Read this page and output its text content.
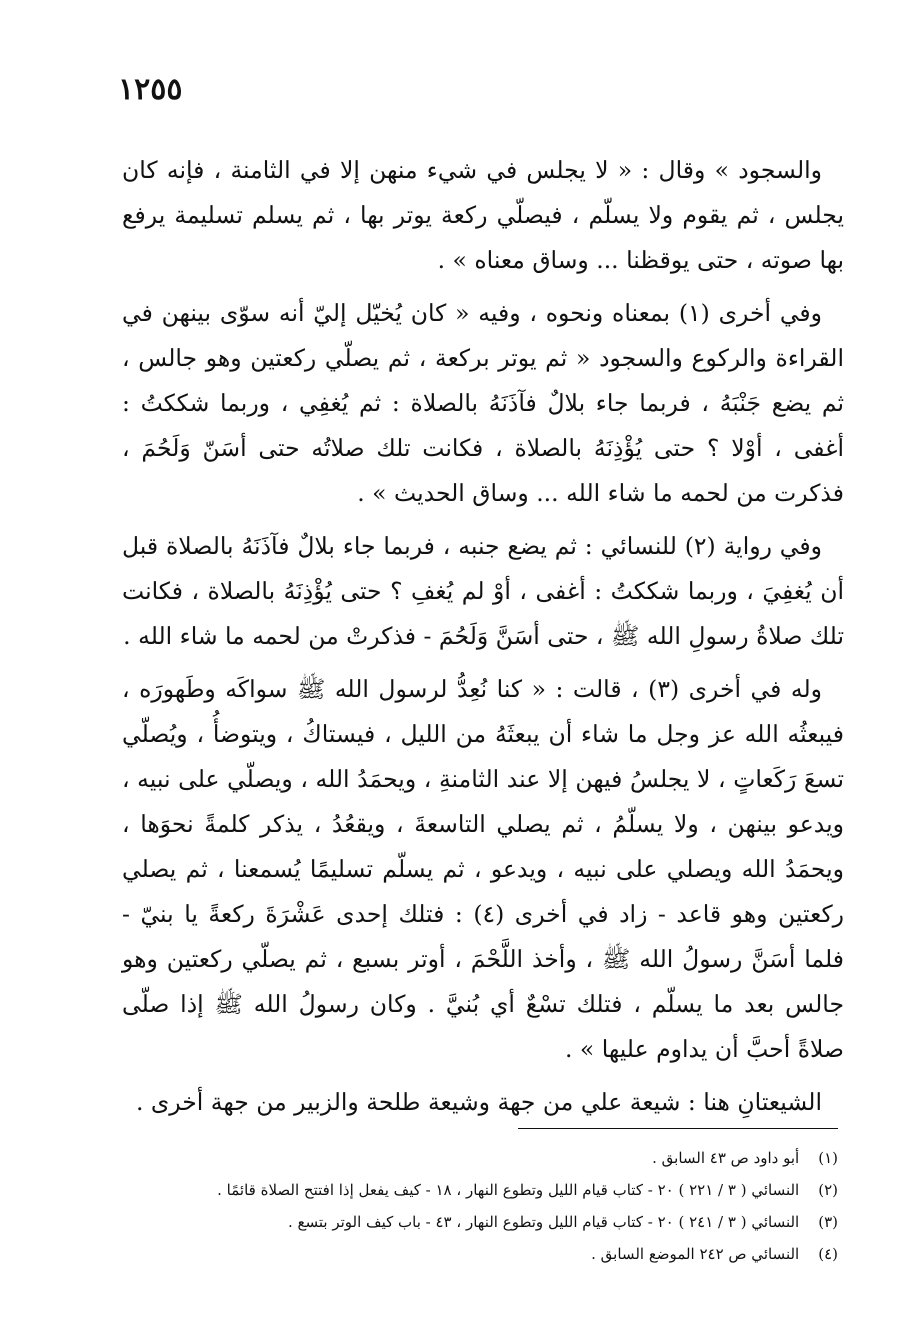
١٢٥٥

والسجود » وقال : « لا يجلس في شيء منهن إلا في الثامنة ، فإنه كان يجلس ، ثم يقوم ولا يسلّم ، فيصلّي ركعة يوتر بها ، ثم يسلم تسليمة يرفع بها صوته ، حتى يوقظنا ... وساق معناه » .

وفي أخرى (١) بمعناه ونحوه ، وفيه « كان يُخيّل إليّ أنه سوّى بينهن في القراءة والركوع والسجود « ثم يوتر بركعة ، ثم يصلّي ركعتين وهو جالس ، ثم يضع جَنْبَهُ ، فربما جاء بلالٌ فآذَنَهُ بالصلاة : ثم يُغفِي ، وربما شككتُ : أغفى ، أوْلا ؟ حتى يُؤْذِنَهُ بالصلاة ، فكانت تلك صلاتُه حتى أسَنّ وَلَحُمَ ، فذكرت من لحمه ما شاء الله ... وساق الحديث » .

وفي رواية (٢) للنسائي : ثم يضع جنبه ، فربما جاء بلالٌ فآذَنَهُ بالصلاة قبل أن يُغفِيَ ، وربما شككتُ : أغفى ، أوْ لم يُغفِ ؟ حتى يُؤْذِنَهُ بالصلاة ، فكانت تلك صلاةُ رسولِ الله ﷺ ، حتى أسَنَّ وَلَحُمَ - فذكرتْ من لحمه ما شاء الله .

وله في أخرى (٣) ، قالت : « كنا نُعِدُّ لرسول الله ﷺ سواكَه وطَهورَه ، فيبعثُه الله عز وجل ما شاء أن يبعثَهُ من الليل ، فيستاكُ ، ويتوضأُ ، ويُصلّي تسعَ رَكَعاتٍ ، لا يجلسُ فيهن إلا عند الثامنةِ ، ويحمَدُ الله ، ويصلّي على نبيه ، ويدعو بينهن ، ولا يسلّمُ ، ثم يصلي التاسعةَ ، ويقعُدُ ، يذكر كلمةً نحوَها ، ويحمَدُ الله ويصلي على نبيه ، ويدعو ، ثم يسلّم تسليمًا يُسمعنا ، ثم يصلي ركعتين وهو قاعد - زاد في أخرى (٤) : فتلك إحدى عَشْرَةَ ركعةً يا بنيّ - فلما أسَنَّ رسولُ الله ﷺ ، وأخذ اللَّحْمَ ، أوتر بسبع ، ثم يصلّي ركعتين وهو جالس بعد ما يسلّم ، فتلك تسْعٌ أي بُنيَّ . وكان رسولُ الله ﷺ إذا صلّى صلاةً أحبَّ أن يداوم عليها » .

الشيعتانِ هنا : شيعة علي من جهة وشيعة طلحة والزبير من جهة أخرى .

(١) أبو داود ص ٤٣ السابق .
(٢) النسائي ( ٣ / ٢٢١ ) ٢٠ - كتاب قيام الليل وتطوع النهار ، ١٨ - كيف يفعل إذا افتتح الصلاة قائمًا .
(٣) النسائي ( ٣ / ٢٤١ ) ٢٠ - كتاب قيام الليل وتطوع النهار ، ٤٣ - باب كيف الوتر بتسع .
(٤) النسائي ص ٢٤٢ الموضع السابق .
